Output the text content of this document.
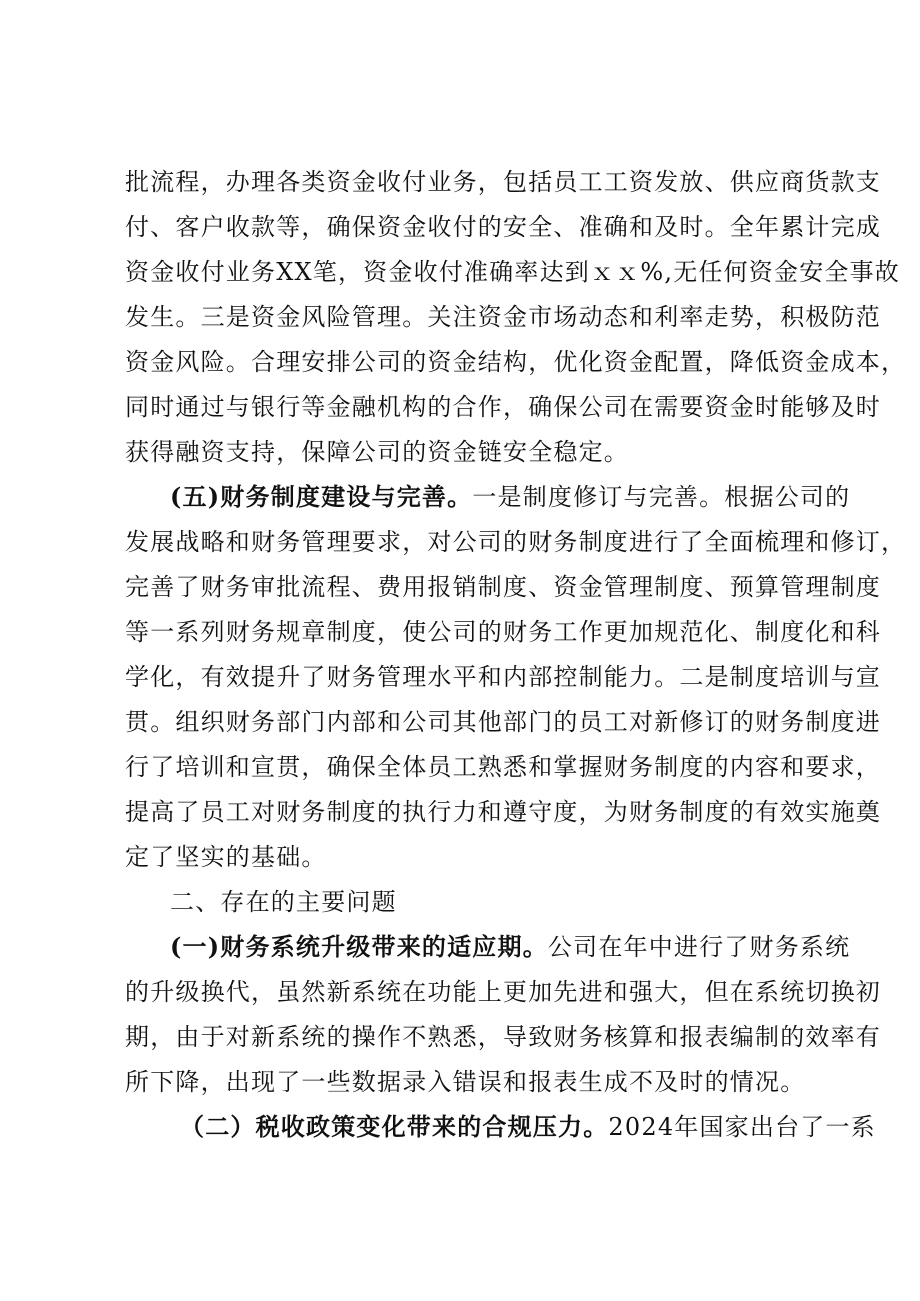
批流程，办理各类资金收付业务，包括员工工资发放、供应商货款支
付、客户收款等，确保资金收付的安全、准确和及时。全年累计完成
资金收付业务XX笔，资金收付准确率达到ｘｘ%,无任何资金安全事故
发生。三是资金风险管理。关注资金市场动态和利率走势，积极防范
资金风险。合理安排公司的资金结构，优化资金配置，降低资金成本，
同时通过与银行等金融机构的合作，确保公司在需要资金时能够及时
获得融资支持，保障公司的资金链安全稳定。
(五)财务制度建设与完善。一是制度修订与完善。根据公司的
发展战略和财务管理要求，对公司的财务制度进行了全面梳理和修订，
完善了财务审批流程、费用报销制度、资金管理制度、预算管理制度
等一系列财务规章制度，使公司的财务工作更加规范化、制度化和科
学化，有效提升了财务管理水平和内部控制能力。二是制度培训与宣
贯。组织财务部门内部和公司其他部门的员工对新修订的财务制度进
行了培训和宣贯，确保全体员工熟悉和掌握财务制度的内容和要求，
提高了员工对财务制度的执行力和遵守度，为财务制度的有效实施奠
定了坚实的基础。
二、存在的主要问题
(一)财务系统升级带来的适应期。公司在年中进行了财务系统
的升级换代，虽然新系统在功能上更加先进和强大，但在系统切换初
期，由于对新系统的操作不熟悉，导致财务核算和报表编制的效率有
所下降，出现了一些数据录入错误和报表生成不及时的情况。
（二）税收政策变化带来的合规压力。2024年国家出台了一系
